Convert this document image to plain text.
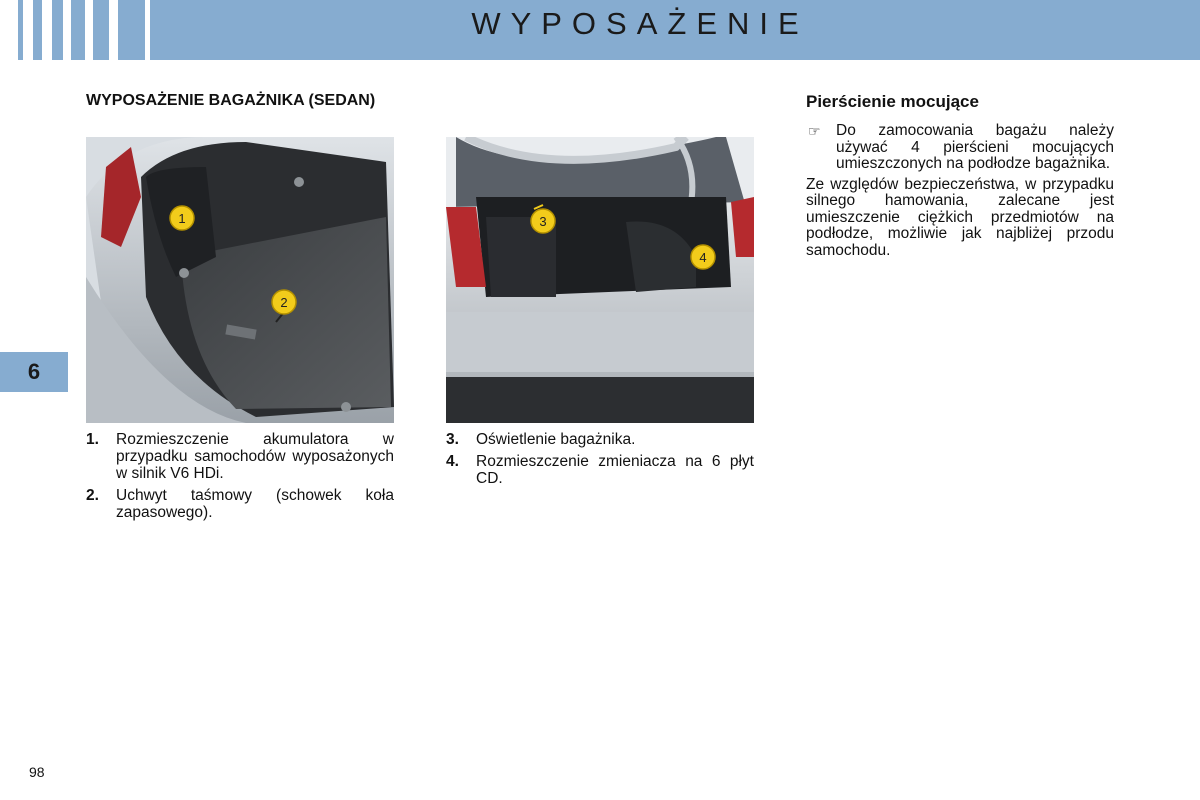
WYPOSAŻENIE
6
WYPOSAŻENIE BAGAŻNIKA (SEDAN)
1
2
3
4
1. Rozmieszczenie akumulatora w przypadku samochodów wyposażonych w silnik V6 HDi.
2. Uchwyt taśmowy (schowek koła zapasowego).
3. Oświetlenie bagażnika.
4. Rozmieszczenie zmieniacza na 6 płyt CD.
Pierścienie mocujące
☞ Do zamocowania bagażu należy używać 4 pierścieni mocujących umieszczonych na podłodze bagażnika.
Ze względów bezpieczeństwa, w przypadku silnego hamowania, zalecane jest umieszczenie ciężkich przedmiotów na podłodze, możliwie jak najbliżej przodu samochodu.
98
